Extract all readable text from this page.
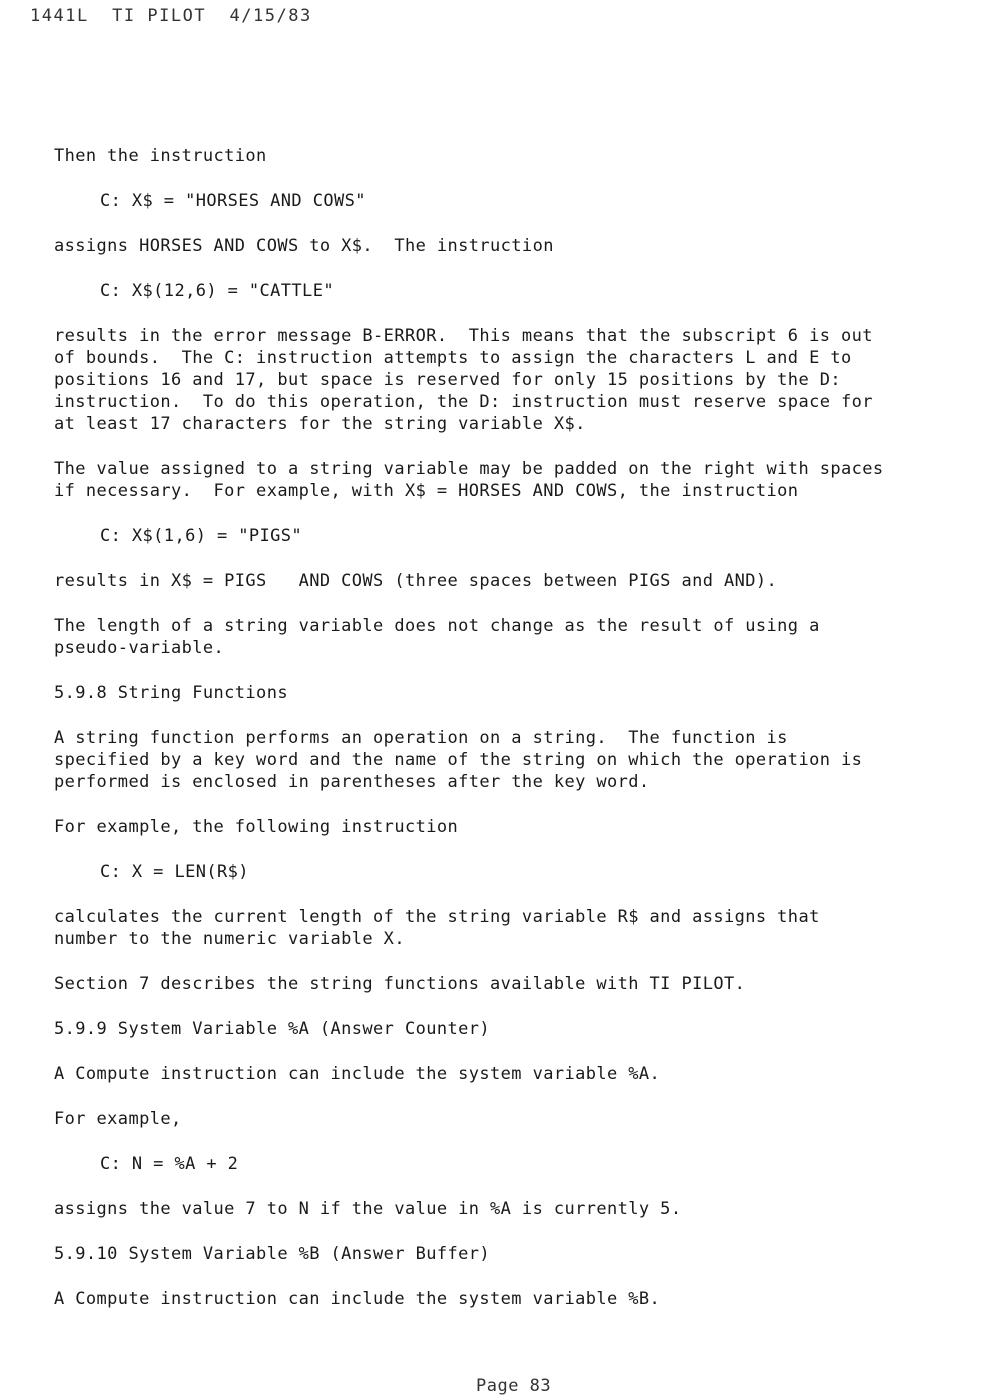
1441L TI PILOT 4/15/83
Then the instruction
C: X$ = "HORSES AND COWS"
assigns HORSES AND COWS to X$.  The instruction
C: X$(12,6) = "CATTLE"
results in the error message B-ERROR.  This means that the subscript 6 is out
of bounds.  The C: instruction attempts to assign the characters L and E to
positions 16 and 17, but space is reserved for only 15 positions by the D:
instruction.  To do this operation, the D: instruction must reserve space for
at least 17 characters for the string variable X$.
The value assigned to a string variable may be padded on the right with spaces
if necessary.  For example, with X$ = HORSES AND COWS, the instruction
C: X$(1,6) = "PIGS"
results in X$ = PIGS   AND COWS (three spaces between PIGS and AND).
The length of a string variable does not change as the result of using a
pseudo-variable.
5.9.8 String Functions
A string function performs an operation on a string.  The function is
specified by a key word and the name of the string on which the operation is
performed is enclosed in parentheses after the key word.
For example, the following instruction
C: X = LEN(R$)
calculates the current length of the string variable R$ and assigns that
number to the numeric variable X.
Section 7 describes the string functions available with TI PILOT.
5.9.9 System Variable %A (Answer Counter)
A Compute instruction can include the system variable %A.
For example,
C: N = %A + 2
assigns the value 7 to N if the value in %A is currently 5.
5.9.10 System Variable %B (Answer Buffer)
A Compute instruction can include the system variable %B.
Page 83
